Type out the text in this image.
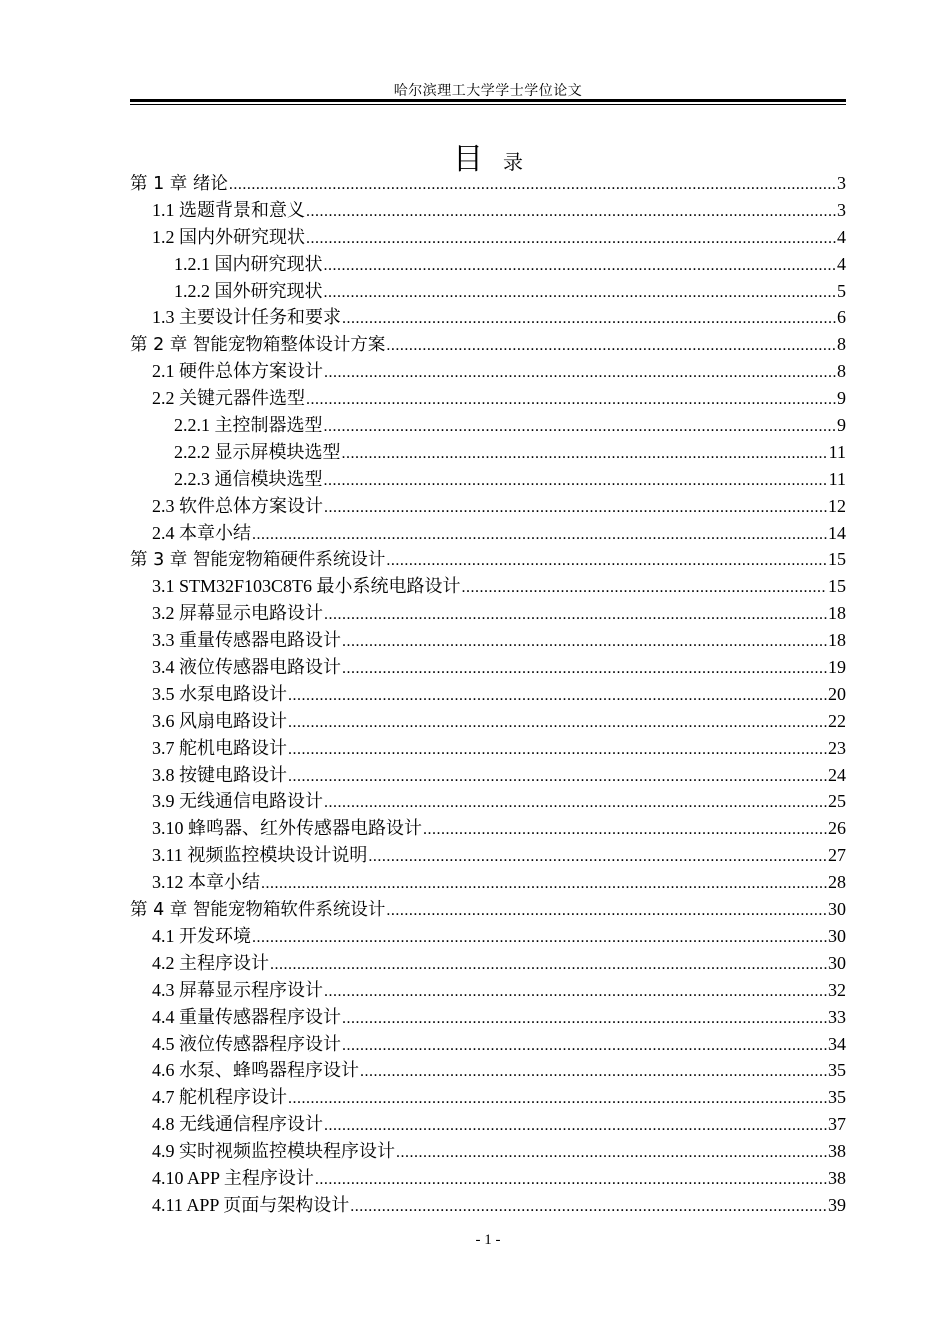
哈尔滨理工大学学士学位论文
目 录
第 1 章 绪论 .....	3
1.1 选题背景和意义 .....	3
1.2 国内外研究现状 .....	4
1.2.1 国内研究现状 .....	4
1.2.2 国外研究现状 .....	5
1.3 主要设计任务和要求 .....	6
第 2 章 智能宠物箱整体设计方案 .....	8
2.1 硬件总体方案设计 .....	8
2.2 关键元器件选型 .....	9
2.2.1 主控制器选型 .....	9
2.2.2 显示屏模块选型 .....	11
2.2.3 通信模块选型 .....	11
2.3 软件总体方案设计 .....	12
2.4 本章小结 .....	14
第 3 章 智能宠物箱硬件系统设计 .....	15
3.1 STM32F103C8T6 最小系统电路设计 .....	15
3.2 屏幕显示电路设计 .....	18
3.3 重量传感器电路设计 .....	18
3.4 液位传感器电路设计 .....	19
3.5 水泵电路设计 .....	20
3.6 风扇电路设计 .....	22
3.7 舵机电路设计 .....	23
3.8 按键电路设计 .....	24
3.9 无线通信电路设计 .....	25
3.10 蜂鸣器、红外传感器电路设计 .....	26
3.11 视频监控模块设计说明 .....	27
3.12 本章小结 .....	28
第 4 章 智能宠物箱软件系统设计 .....	30
4.1 开发环境 .....	30
4.2 主程序设计 .....	30
4.3 屏幕显示程序设计 .....	32
4.4 重量传感器程序设计 .....	33
4.5 液位传感器程序设计 .....	34
4.6 水泵、蜂鸣器程序设计 .....	35
4.7 舵机程序设计 .....	35
4.8 无线通信程序设计 .....	37
4.9 实时视频监控模块程序设计 .....	38
4.10 APP 主程序设计 .....	38
4.11 APP 页面与架构设计 .....	39
- 1 -
